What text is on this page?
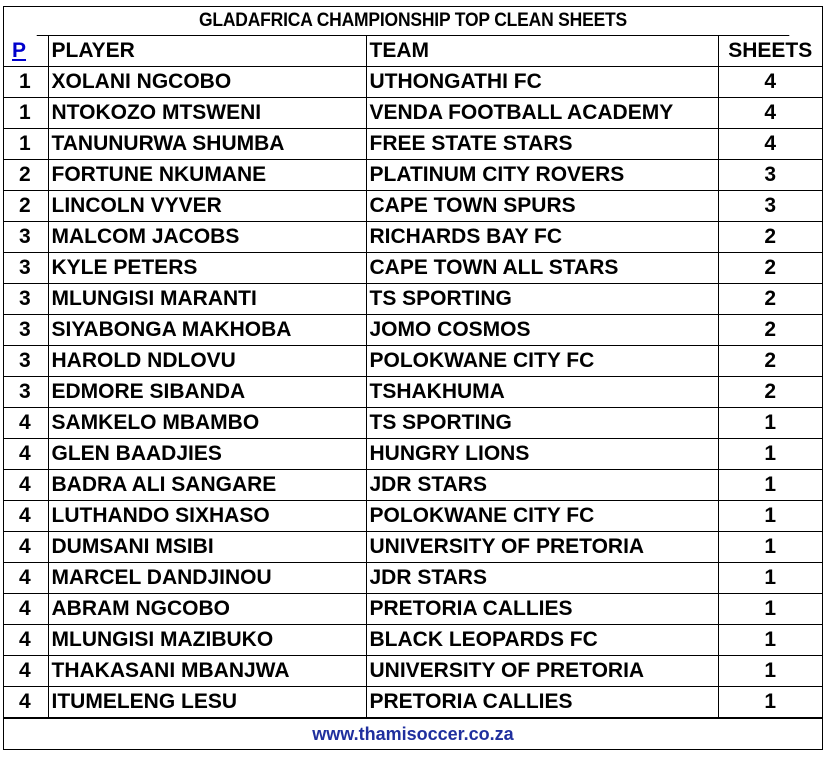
GLADAFRICA CHAMPIONSHIP TOP CLEAN SHEETS
P	PLAYER	TEAM	SHEETS
1	XOLANI NGCOBO	UTHONGATHI FC	4
1	NTOKOZO MTSWENI	VENDA FOOTBALL ACADEMY	4
1	TANUNURWA SHUMBA	FREE STATE STARS	4
2	FORTUNE NKUMANE	PLATINUM CITY ROVERS	3
2	LINCOLN VYVER	CAPE TOWN SPURS	3
3	MALCOM JACOBS	RICHARDS BAY FC	2
3	KYLE PETERS	CAPE TOWN ALL STARS	2
3	MLUNGISI MARANTI	TS SPORTING	2
3	SIYABONGA MAKHOBA	JOMO COSMOS	2
3	HAROLD NDLOVU	POLOKWANE CITY FC	2
3	EDMORE SIBANDA	TSHAKHUMA	2
4	SAMKELO MBAMBO	TS SPORTING	1
4	GLEN BAADJIES	HUNGRY LIONS	1
4	BADRA ALI SANGARE	JDR STARS	1
4	LUTHANDO SIXHASO	POLOKWANE CITY FC	1
4	DUMSANI MSIBI	UNIVERSITY OF PRETORIA	1
4	MARCEL DANDJINOU	JDR STARS	1
4	ABRAM NGCOBO	PRETORIA CALLIES	1
4	MLUNGISI MAZIBUKO	BLACK LEOPARDS FC	1
4	THAKASANI MBANJWA	UNIVERSITY OF PRETORIA	1
4	ITUMELENG LESU	PRETORIA CALLIES	1
www.thamisoccer.co.za
